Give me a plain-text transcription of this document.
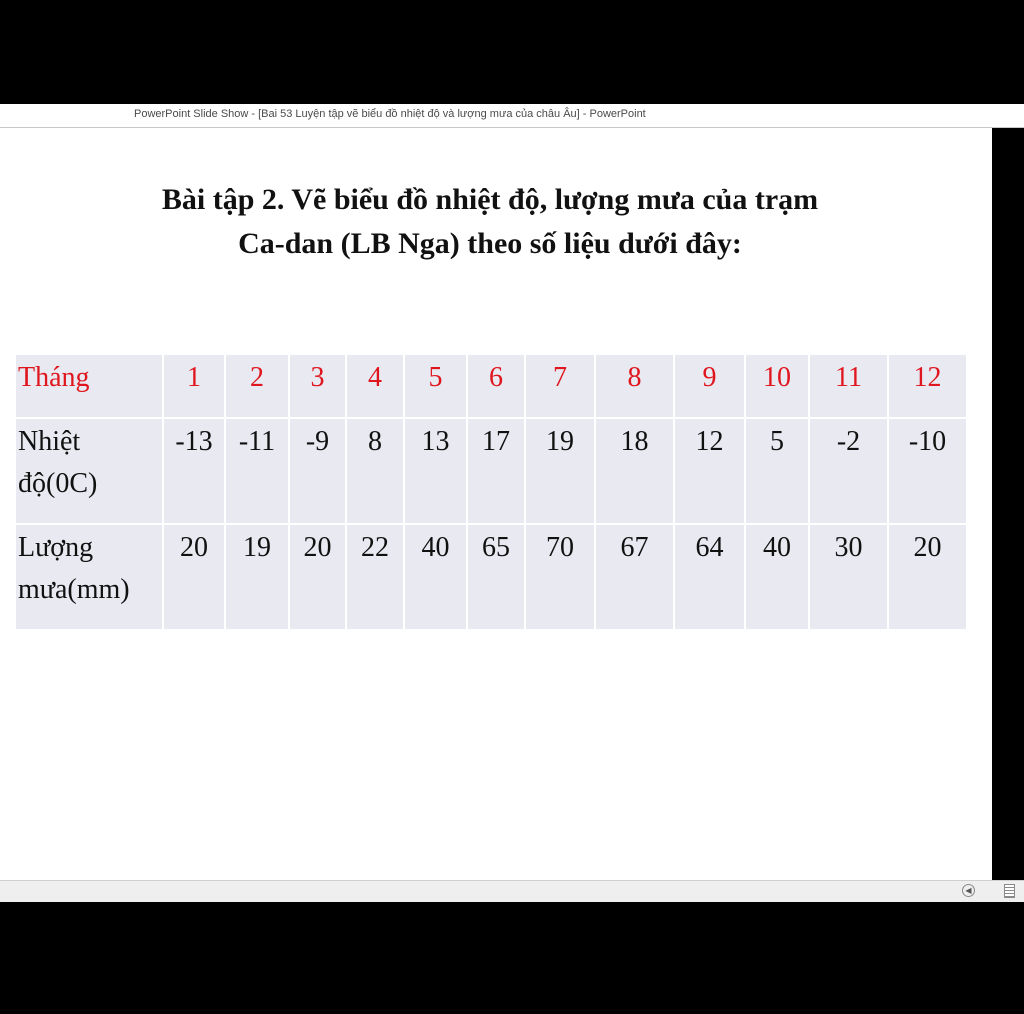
PowerPoint Slide Show - [Bai 53 Luyện tập vẽ biểu đồ nhiệt độ và lượng mưa của châu Âu] - PowerPoint
Bài tập 2. Vẽ biểu đồ nhiệt độ, lượng mưa của trạm
Ca-dan (LB Nga) theo số liệu dưới đây:
Tháng	1	2	3	4	5	6	7	8	9	10	11	12

Nhiệt
độ(0C)	-13	-11	-9	8	13	17	19	18	12	5	-2	-10

Lượng
mưa(mm)	20	19	20	22	40	65	70	67	64	40	30	20
◀
